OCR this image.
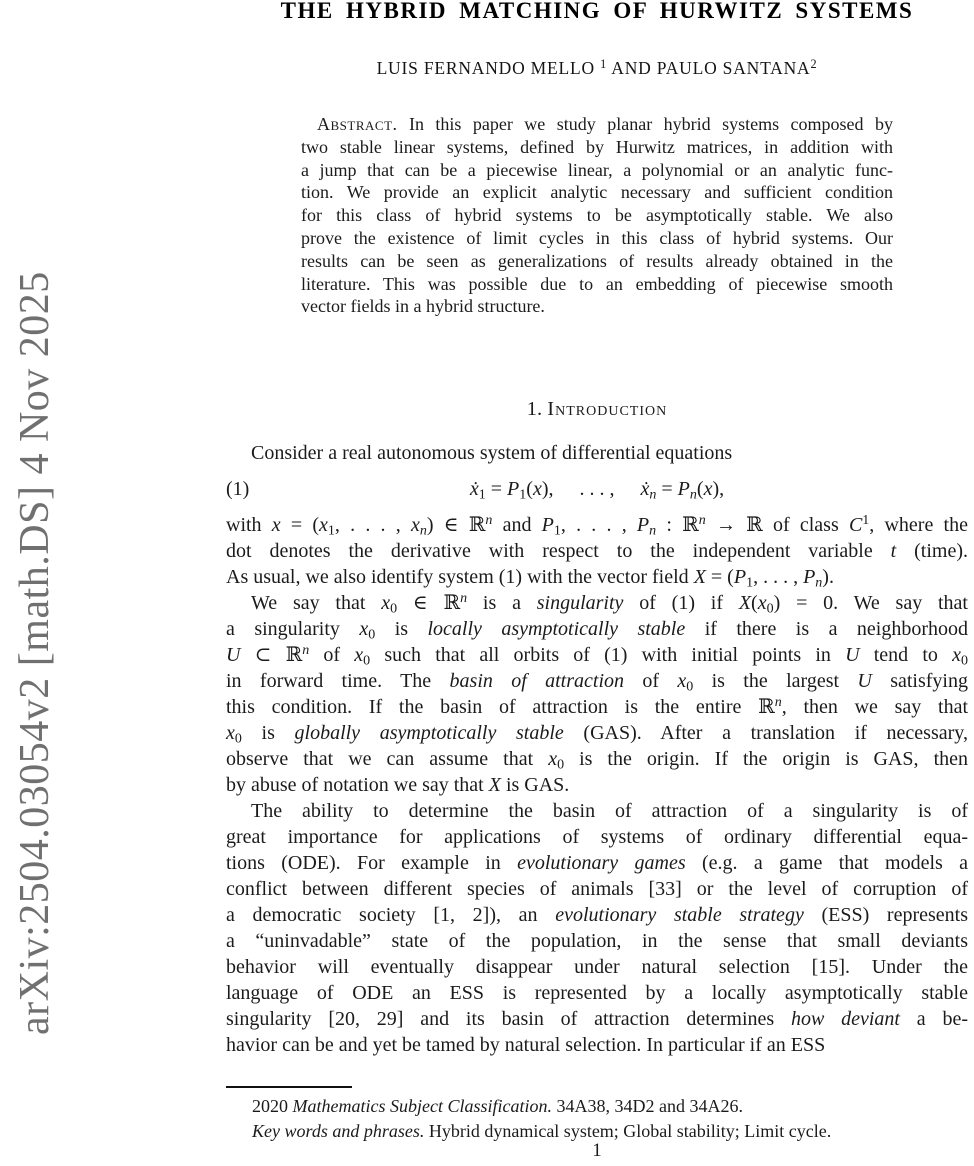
arXiv:2504.03054v2 [math.DS] 4 Nov 2025
THE HYBRID MATCHING OF HURWITZ SYSTEMS
LUIS FERNANDO MELLO $^1$ AND PAULO SANTANA$^2$
Abstract. In this paper we study planar hybrid systems composed by
two stable linear systems, defined by Hurwitz matrices, in addition with
a jump that can be a piecewise linear, a polynomial or an analytic func-
tion. We provide an explicit analytic necessary and sufficient condition
for this class of hybrid systems to be asymptotically stable. We also
prove the existence of limit cycles in this class of hybrid systems. Our
results can be seen as generalizations of results already obtained in the
literature. This was possible due to an embedding of piecewise smooth
vector fields in a hybrid structure.
1. Introduction
Consider a real autonomous system of differential equations
(1)	$ẋ_1 = P_1(x)$, . . . , $ẋ_n = P_n(x)$,
with $x = (x_1$, . . . , $x_n$) ∈ ℝ$^n$ and $P_1$, . . . , $P_n$ : ℝ$^n$ → ℝ of class $C^1$, where the
dot denotes the derivative with respect to the independent variable t (time).
As usual, we also identify system (1) with the vector field $X = (P_1$, . . . , $P_n$).
We say that $x_0$ ∈ ℝ$^n$ is a singularity of (1) if $X(x_0) = 0$. We say that
a singularity $x_0$ is locally asymptotically stable if there is a neighborhood
U ⊂ ℝ$^n$ of $x_0$ such that all orbits of (1) with initial points in U tend to $x_0$
in forward time. The basin of attraction of $x_0$ is the largest U satisfying
this condition. If the basin of attraction is the entire ℝ$^n$, then we say that
$x_0$ is globally asymptotically stable (GAS). After a translation if necessary,
observe that we can assume that $x_0$ is the origin. If the origin is GAS, then
by abuse of notation we say that X is GAS.
The ability to determine the basin of attraction of a singularity is of
great importance for applications of systems of ordinary differential equa-
tions (ODE). For example in evolutionary games (e.g. a game that models a
conflict between different species of animals [33] or the level of corruption of
a democratic society [1, 2]), an evolutionary stable strategy (ESS) represents
a “uninvadable” state of the population, in the sense that small deviants
behavior will eventually disappear under natural selection [15]. Under the
language of ODE an ESS is represented by a locally asymptotically stable
singularity [20, 29] and its basin of attraction determines how deviant a be-
havior can be and yet be tamed by natural selection. In particular if an ESS
2020 Mathematics Subject Classification. 34A38, 34D2 and 34A26.
Key words and phrases. Hybrid dynamical system; Global stability; Limit cycle.
1
